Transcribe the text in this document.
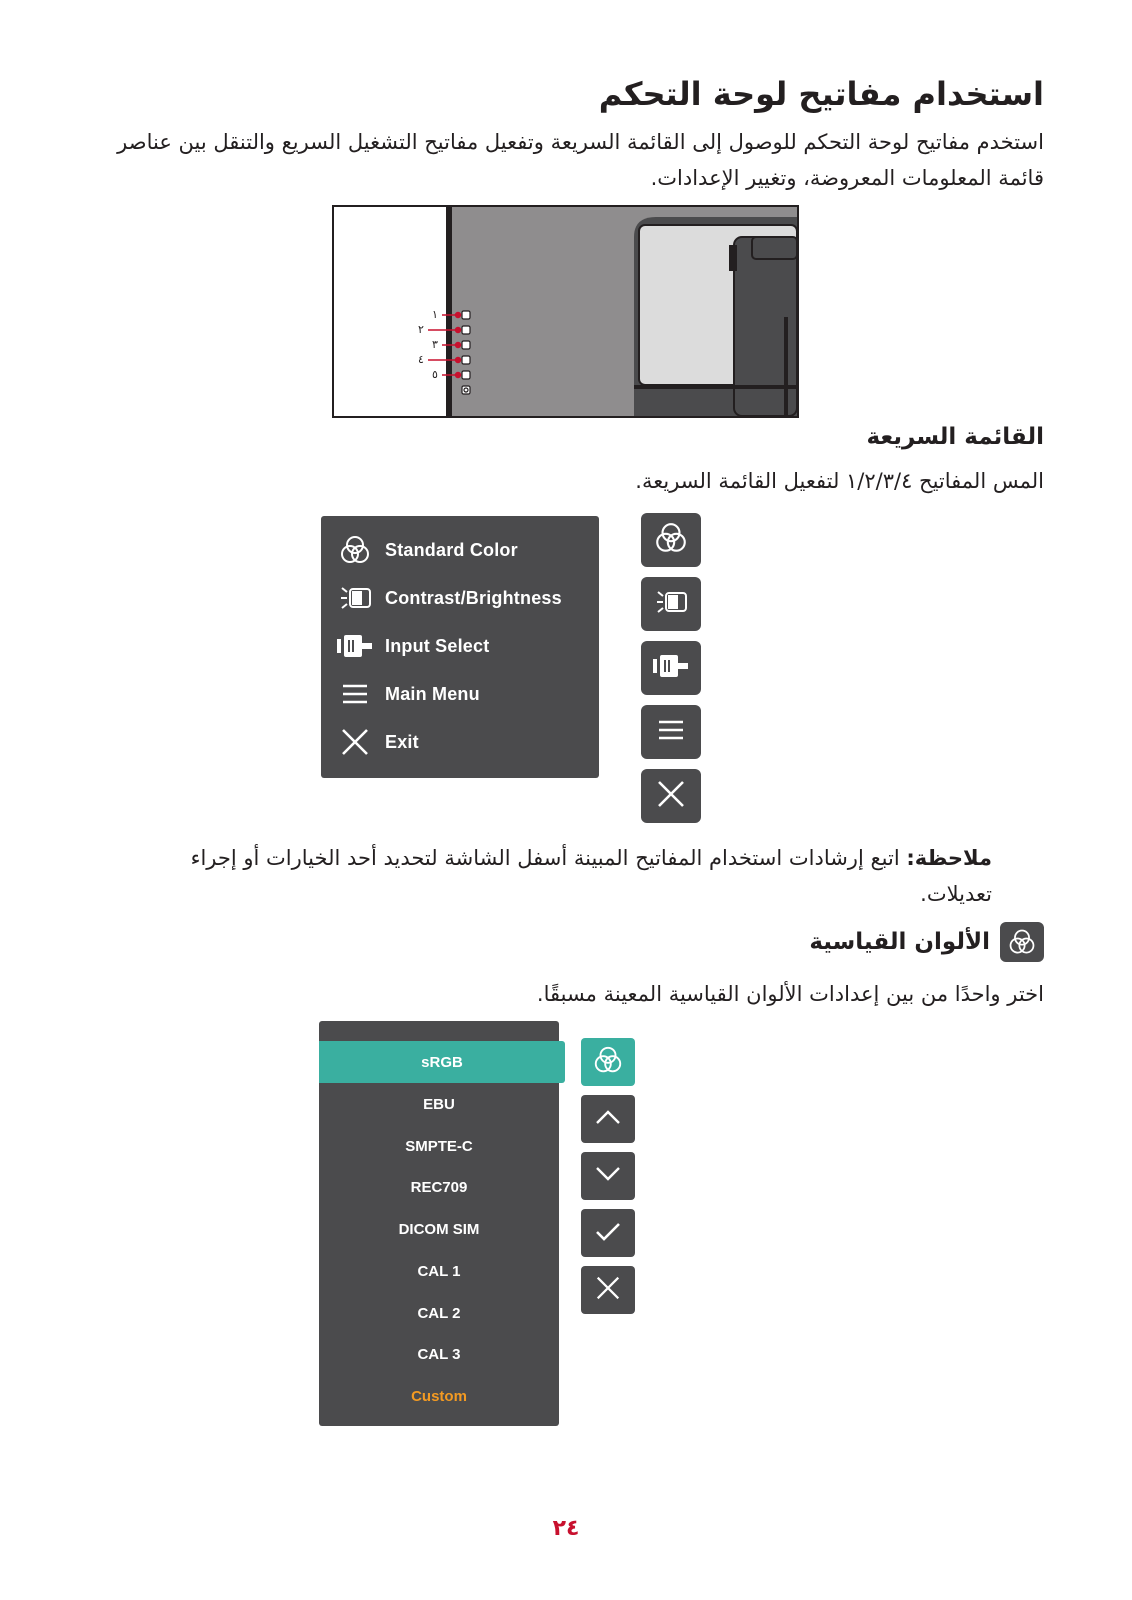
استخدام مفاتيح لوحة التحكم
استخدم مفاتيح لوحة التحكم للوصول إلى القائمة السريعة وتفعيل مفاتيح التشغيل السريع والتنقل بين عناصر قائمة المعلومات المعروضة، وتغيير الإعدادات.
١
٢
٣
٤
٥
القائمة السريعة
المس المفاتيح ١/٢/٣/٤ لتفعيل القائمة السريعة.
Standard Color
Contrast/Brightness
Input Select
Main Menu
Exit
ملاحظة: اتبع إرشادات استخدام المفاتيح المبينة أسفل الشاشة لتحديد أحد الخيارات أو إجراء تعديلات.
الألوان القياسية
اختر واحدًا من بين إعدادات الألوان القياسية المعينة مسبقًا.
sRGB
EBU
SMPTE-C
REC709
DICOM SIM
CAL 1
CAL 2
CAL 3
Custom
٢٤
